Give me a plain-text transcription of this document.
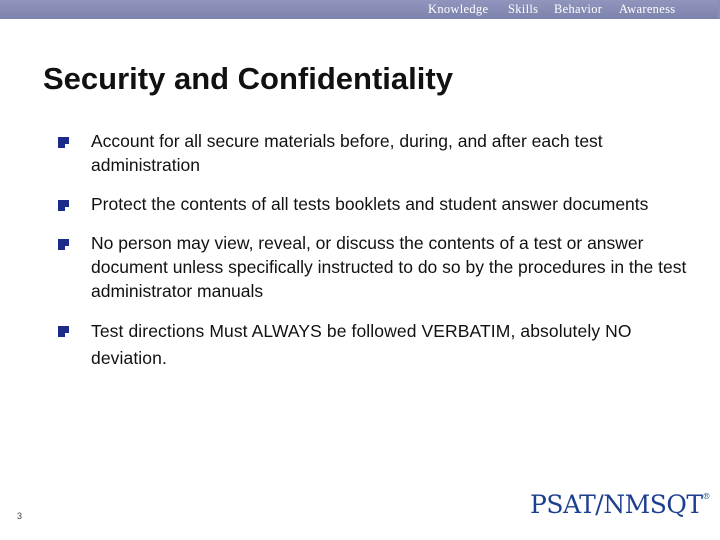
Knowledge Skills Behavior Awareness
Security and Confidentiality
Account for all secure materials before, during, and after each test administration
Protect the contents of all tests booklets and student answer documents
No person may view, reveal, or discuss the contents of a test or answer document unless specifically instructed to do so by the procedures in the test administrator manuals
Test directions Must ALWAYS be followed VERBATIM, absolutely NO deviation.
3	PSAT/NMSQT®
